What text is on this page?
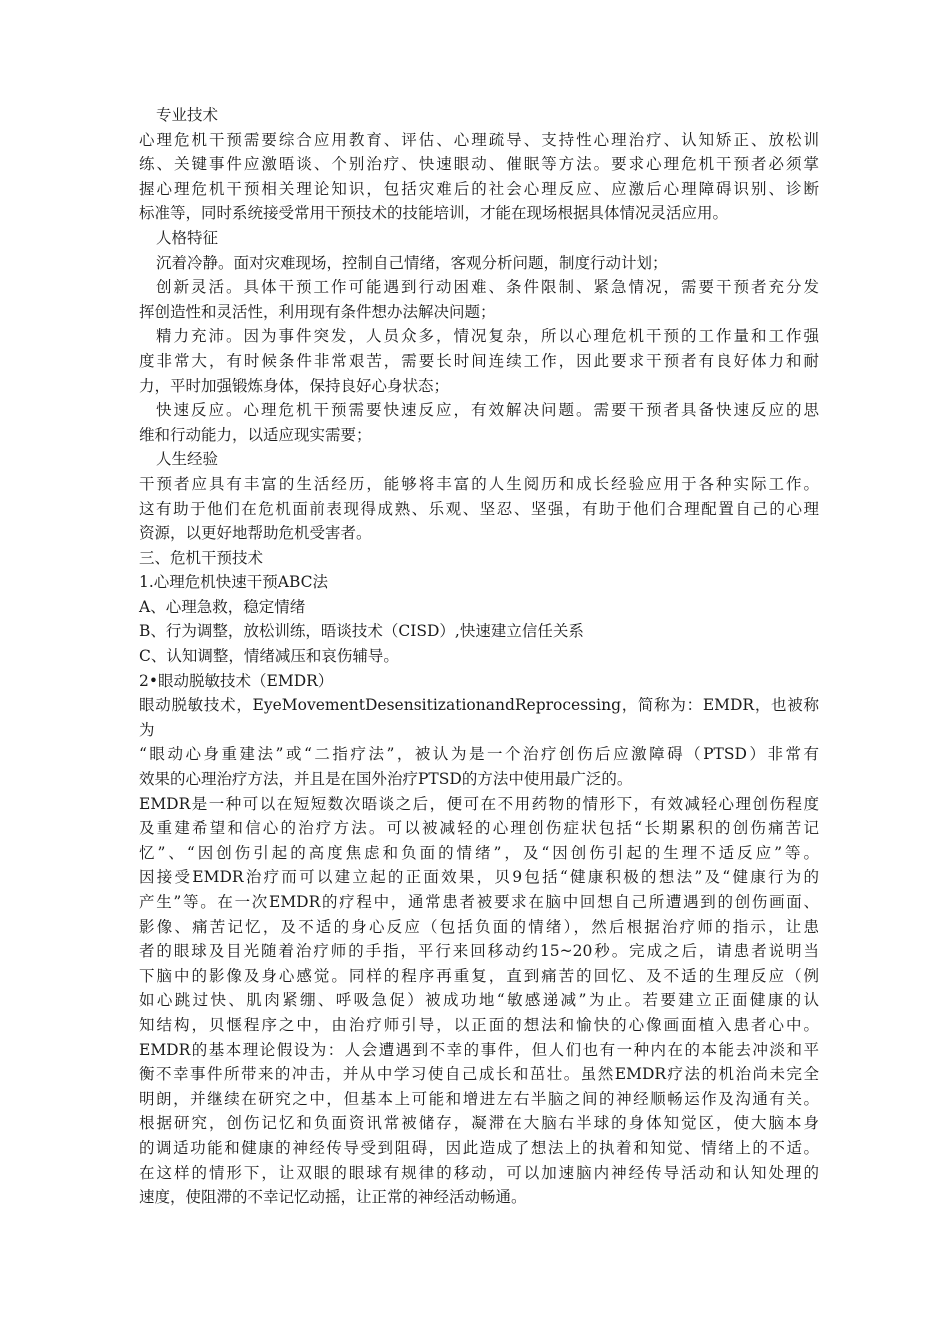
专业技术
心理危机干预需要综合应用教育、评估、心理疏导、支持性心理治疗、认知矫正、放松训
练、关键事件应激晤谈、个别治疗、快速眼动、催眠等方法。要求心理危机干预者必须掌
握心理危机干预相关理论知识，包括灾难后的社会心理反应、应激后心理障碍识别、诊断
标准等，同时系统接受常用干预技术的技能培训，才能在现场根据具体情况灵活应用。
人格特征
沉着冷静。面对灾难现场，控制自己情绪，客观分析问题，制度行动计划；
创新灵活。具体干预工作可能遇到行动困难、条件限制、紧急情况，需要干预者充分发
挥创造性和灵活性，利用现有条件想办法解决问题；
精力充沛。因为事件突发，人员众多，情况复杂，所以心理危机干预的工作量和工作强
度非常大，有时候条件非常艰苦，需要长时间连续工作，因此要求干预者有良好体力和耐
力，平时加强锻炼身体，保持良好心身状态；
快速反应。心理危机干预需要快速反应，有效解决问题。需要干预者具备快速反应的思
维和行动能力，以适应现实需要；
人生经验
干预者应具有丰富的生活经历，能够将丰富的人生阅历和成长经验应用于各种实际工作。
这有助于他们在危机面前表现得成熟、乐观、坚忍、坚强，有助于他们合理配置自己的心理
资源，以更好地帮助危机受害者。
三、危机干预技术
1.心理危机快速干预ABC法
A、心理急救，稳定情绪
B、行为调整，放松训练，晤谈技术（CISD）,快速建立信任关系
C、认知调整，情绪减压和哀伤辅导。
2•眼动脱敏技术（EMDR）
眼动脱敏技术，EyeMovementDesensitizationandReprocessing，简称为：EMDR，也被称为
“眼动心身重建法”或“二指疗法”，被认为是一个治疗创伤后应激障碍（PTSD）非常有
效果的心理治疗方法，并且是在国外治疗PTSD的方法中使用最广泛的。
EMDR是一种可以在短短数次晤谈之后，便可在不用药物的情形下，有效减轻心理创伤程度
及重建希望和信心的治疗方法。可以被减轻的心理创伤症状包括“长期累积的创伤痛苦记
忆”、“因创伤引起的高度焦虑和负面的情绪”，及“因创伤引起的生理不适反应”等。
因接受EMDR治疗而可以建立起的正面效果，贝9包括“健康积极的想法”及“健康行为的
产生”等。在一次EMDR的疗程中，通常患者被要求在脑中回想自己所遭遇到的创伤画面、
影像、痛苦记忆，及不适的身心反应（包括负面的情绪），然后根据治疗师的指示，让患
者的眼球及目光随着治疗师的手指，平行来回移动约15~20秒。完成之后，请患者说明当
下脑中的影像及身心感觉。同样的程序再重复，直到痛苦的回忆、及不适的生理反应（例
如心跳过快、肌肉紧绷、呼吸急促）被成功地“敏感递减”为止。若要建立正面健康的认
知结构，贝惬程序之中，由治疗师引导，以正面的想法和愉快的心像画面植入患者心中。
EMDR的基本理论假设为：人会遭遇到不幸的事件，但人们也有一种内在的本能去冲淡和平
衡不幸事件所带来的冲击，并从中学习使自己成长和茁壮。虽然EMDR疗法的机治尚未完全
明朗，并继续在研究之中，但基本上可能和增进左右半脑之间的神经顺畅运作及沟通有关。
根据研究，创伤记忆和负面资讯常被储存，凝滞在大脑右半球的身体知觉区，使大脑本身
的调适功能和健康的神经传导受到阻碍，因此造成了想法上的执着和知觉、情绪上的不适。
在这样的情形下，让双眼的眼球有规律的移动，可以加速脑内神经传导活动和认知处理的
速度，使阻滞的不幸记忆动摇，让正常的神经活动畅通。
